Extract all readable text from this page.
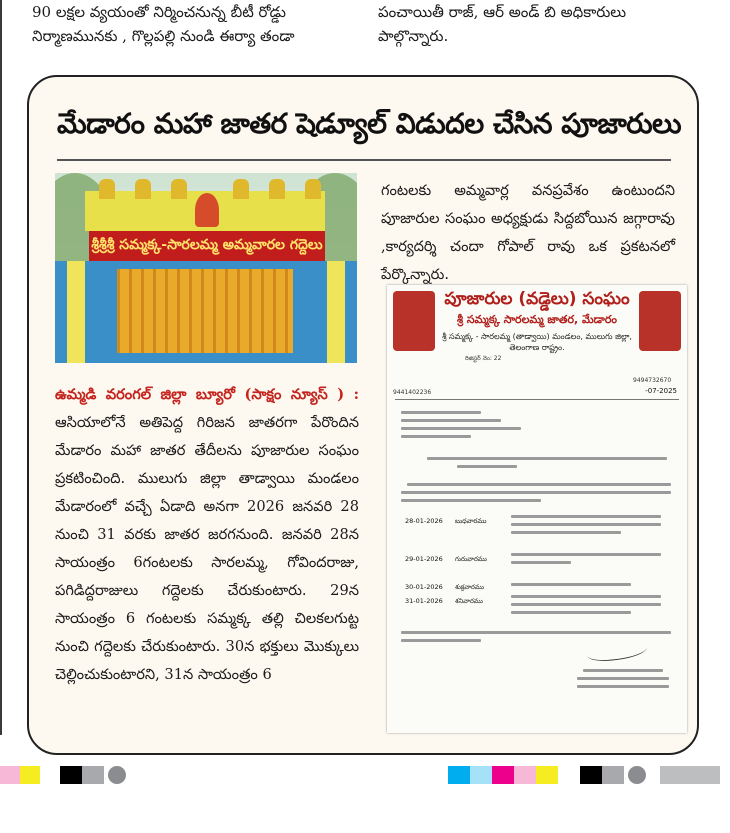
90 లక్షల వ్యయంతో నిర్మించనున్న బీటీ రోడ్డు
నిర్మాణమునకు , గొల్లపల్లి నుండి ఈర్యా తండా
పంచాయితీ రాజ్, ఆర్ అండ్ బి అధికారులు
పాల్గొన్నారు.
మేడారం మహా జాతర షెడ్యూల్ విడుదల చేసిన పూజారులు
శ్రీశ్రీశ్రీ సమ్మక్క-సారలమ్మ అమ్మవారల గద్దెలు
ఉమ్మడి వరంగల్ జిల్లా బ్యూరో (సాక్షం న్యూస్ ) : ఆసియాలోనే అతిపెద్ద గిరిజన జాతరగా పేరొందిన మేడారం మహా జాతర తేదీలను పూజారుల సంఘం ప్రకటించింది. ములుగు జిల్లా తాడ్వాయి మండలం మేడారంలో వచ్చే ఏడాది అనగా 2026 జనవరి 28 నుంచి 31 వరకు జాతర జరగనుంది. జనవరి 28న సాయంత్రం 6గంటలకు సారలమ్మ, గోవిందరాజు, పగిడిద్దరాజులు గద్దెలకు చేరుకుంటారు. 29న సాయంత్రం 6 గంటలకు సమ్మక్క తల్లి చిలకలగుట్ట నుంచి గద్దెలకు చేరుకుంటారు. 30న భక్తులు మొక్కులు చెల్లించుకుంటారని, 31న సాయంత్రం 6
గంటలకు అమ్మవార్ల వనప్రవేశం ఉంటుందని పూజారుల సంఘం అధ్యక్షుడు సిద్దబోయిన జగ్గారావు ,కార్యదర్శి చందా గోపాల్ రావు ఒక ప్రకటనలో పేర్కొన్నారు.
పూజారుల (వడ్డెలు) సంఘం
శ్రీ సమ్మక్క సారలమ్మ జాతర, మేడారం
శ్రీ సమ్మక్క - సారలమ్మ (తాడ్వాయి) మండలం, ములుగు జిల్లా, తెలంగాణ రాష్ట్రం.
రిజిస్టర్ నెం: 22
9441402236
9494732670
-07-2025
28-01-2026 బుధవారము
29-01-2026 గురువారము
30-01-2026 శుక్రవారము
31-01-2026 శనివారము
